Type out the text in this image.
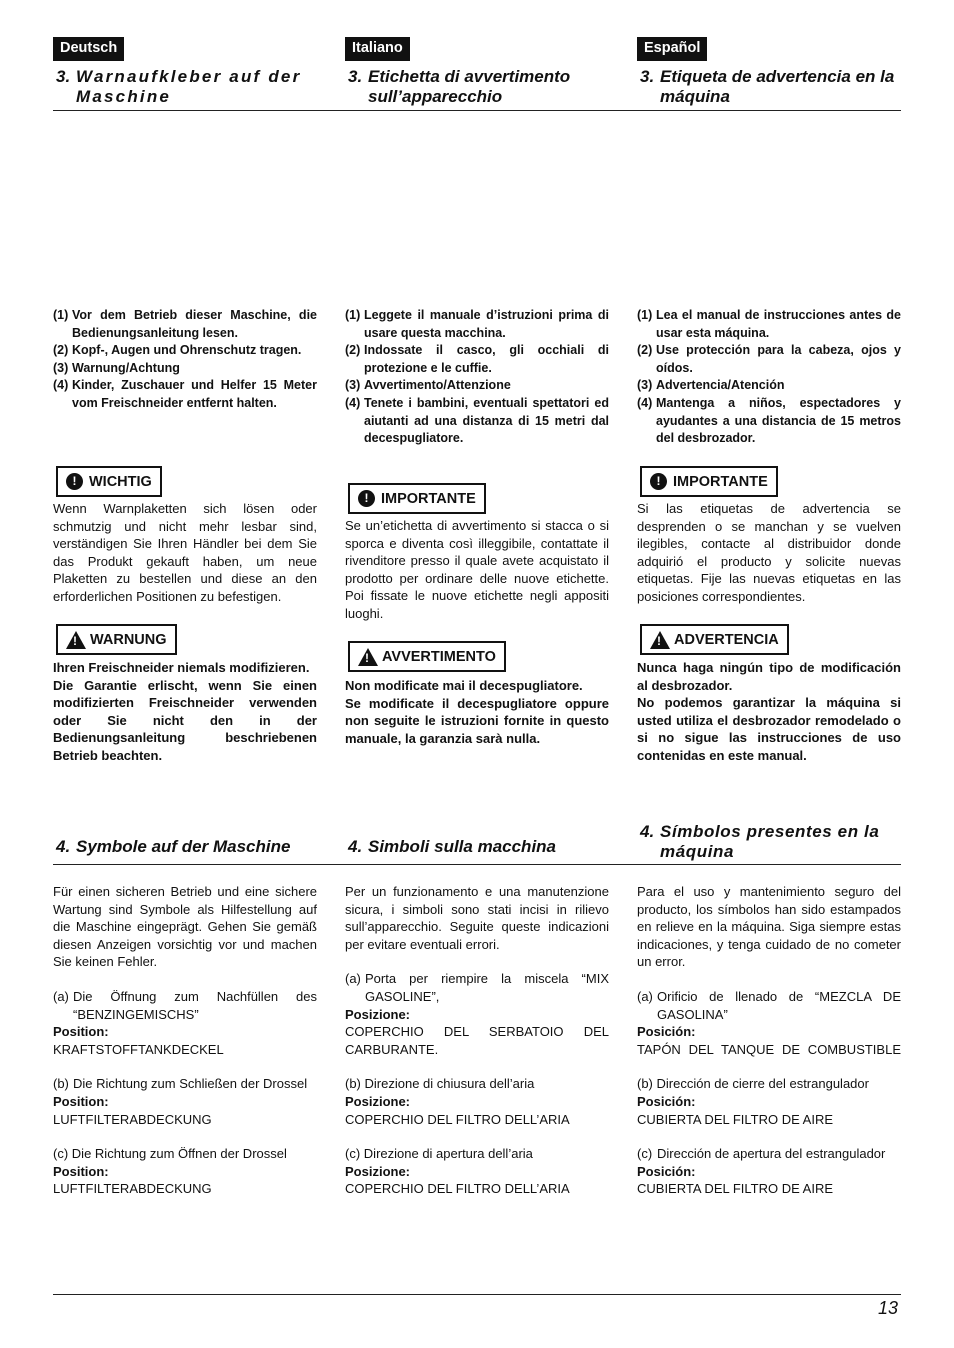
Deutsch
3. Warnaufkleber auf der Maschine
Italiano
3. Etichetta di avvertimento sull’apparecchio
Español
3. Etiqueta de advertencia en la máquina
(1) Vor dem Betrieb dieser Maschine, die Bedienungsanleitung lesen.
(2) Kopf-, Augen und Ohrenschutz tragen.
(3) Warnung/Achtung
(4) Kinder, Zuschauer und Helfer 15 Meter vom Freischneider entfernt halten.
(1) Leggete il manuale d’istruzioni prima di usare questa macchina.
(2) Indossate il casco, gli occhiali di protezione e le cuffie.
(3) Avvertimento/Attenzione
(4) Tenete i bambini, eventuali spettatori ed aiutanti ad una distanza di 15 metri dal decespugliatore.
(1) Lea el manual de instrucciones antes de usar esta máquina.
(2) Use protección para la cabeza, ojos y oídos.
(3) Advertencia/Atención
(4) Mantenga a niños, espectadores y ayudantes a una distancia de 15 metros del desbrozador.
! WICHTIG
Wenn Warnplaketten sich lösen oder schmutzig und nicht mehr lesbar sind, verständigen Sie Ihren Händler bei dem Sie das Produkt gekauft haben, um neue Plaketten zu bestellen und diese an den erforderlichen Positionen zu befestigen.
! IMPORTANTE
Se un’etichetta di avvertimento si stacca o si sporca e diventa così illeggibile, contattate il rivenditore presso il quale avete acquistato il prodotto per ordinare delle nuove etichette. Poi fissate le nuove etichette negli appositi luoghi.
! IMPORTANTE
Si las etiquetas de advertencia se desprenden o se manchan y se vuelven ilegibles, contacte al distribuidor donde adquirió el producto y solicite nuevas etiquetas. Fije las nuevas etiquetas en las posiciones correspondientes.
! WARNUNG

Ihren Freischneider niemals modifizieren.

Die Garantie erlischt, wenn Sie einen modifizierten Freischneider verwenden oder Sie nicht den in der Bedienungsanleitung beschriebenen Betrieb beachten.

! AVVERTIMENTO

Non modificate mai il decespugliatore.

Se modificate il decespugliatore oppure non seguite le istruzioni fornite in questo manuale, la garanzia sarà nulla.

! ADVERTENCIA

Nunca haga ningún tipo de modificación al desbrozador.

No podemos garantizar la máquina si usted utiliza el desbrozador remodelado o si no sigue las instrucciones de uso contenidas en este manual.

4. Symbole auf der Maschine	4. Simboli sulla macchina
4. Símbolos presentes en la máquina

Für einen sicheren Betrieb und eine sichere Wartung sind Symbole als Hilfestellung auf die Maschine eingeprägt. Gehen Sie gemäß diesen Anzeigen vorsichtig vor und machen Sie keinen Fehler.

(a) Die Öffnung zum Nachfüllen des “BENZINGEMISCHS”
Position:
KRAFTSTOFFTANKDECKEL
(b) Die Richtung zum Schließen der Drossel
Position:
LUFTFILTERABDECKUNG
(c) Die Richtung zum Öffnen der Drossel
Position:
LUFTFILTERABDECKUNG

Per un funzionamento e una manutenzione sicura, i simboli sono stati incisi in rilievo sull’apparecchio. Seguite queste indicazioni per evitare eventuali errori.

(a) Porta per riempire la miscela “MIX GASOLINE”,
Posizione:
COPERCHIO DEL SERBATOIO DEL CARBURANTE.
(b) Direzione di chiusura dell’aria
Posizione:
COPERCHIO DEL FILTRO DELL’ARIA
(c) Direzione di apertura dell’aria
Posizione:
COPERCHIO DEL FILTRO DELL’ARIA

Para el uso y mantenimiento seguro del producto, los símbolos han sido estampados en relieve en la máquina. Siga siempre estas indicaciones, y tenga cuidado de no cometer un error.

(a) Orificio de llenado de “MEZCLA DE GASOLINA”
Posición:
TAPÓN DEL TANQUE DE COMBUSTIBLE
(b) Dirección de cierre del estrangulador
Posición:
CUBIERTA DEL FILTRO DE AIRE
(c) Dirección de apertura del estrangulador
Posición:
CUBIERTA DEL FILTRO DE AIRE
13
